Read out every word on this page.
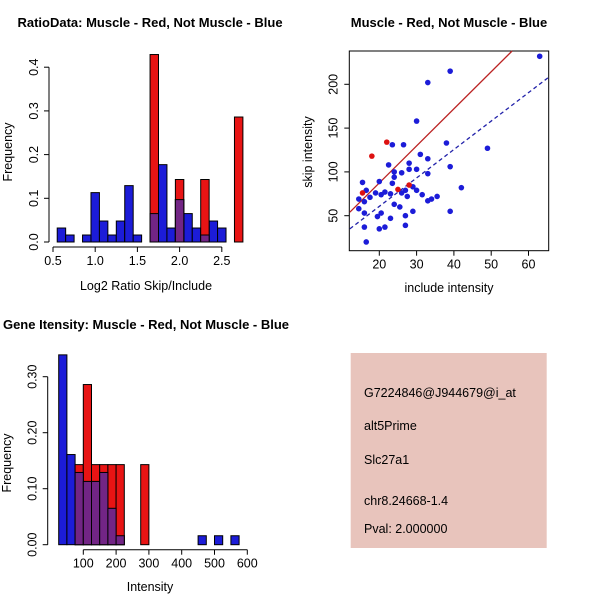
RatioData: Muscle - Red, Not Muscle - Blue
Log2 Ratio Skip/Include
Frequency
Muscle - Red, Not Muscle - Blue
include intensity
skip intensity
Gene Itensity: Muscle - Red, Not Muscle - Blue
Intensity
Frequency
G7224846@J944679@i_at
alt5Prime
Slc27a1
chr8.24668-1.4
Pval: 2.000000
0.0
0.1
0.2
0.3
0.4
0.5 1.0 1.5 2.0 2.5	20 30 40 50 60
50
100
150
200
0.00
0.10
0.20
0.30
100 200 300 400 500 600
